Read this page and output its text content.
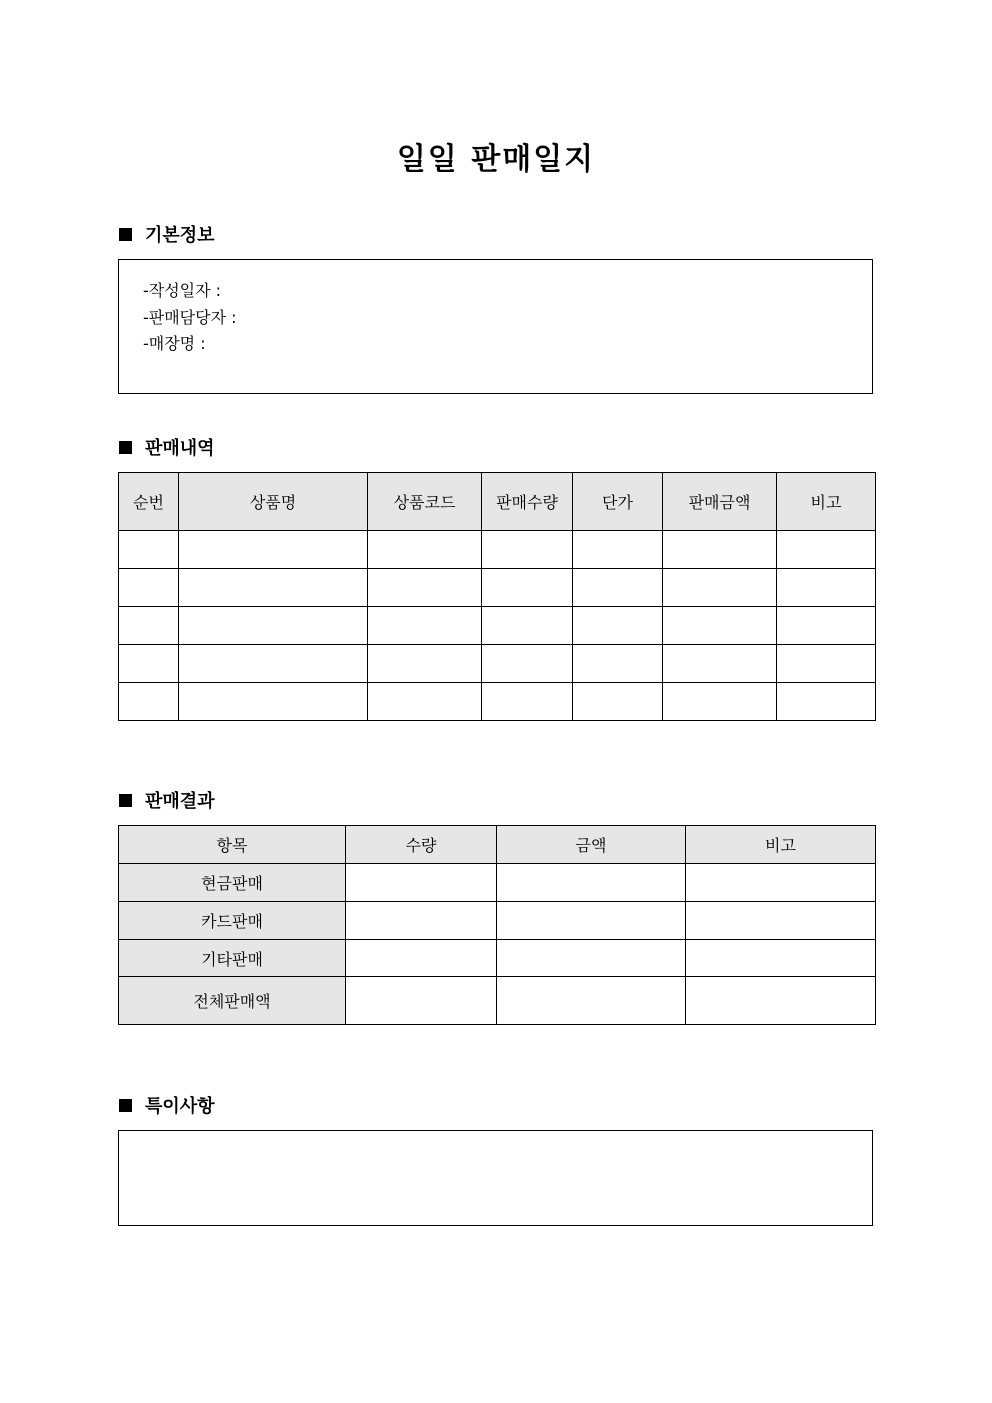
일일 판매일지
기본정보
-작성일자 :
-판매담당자 :
-매장명 :
판매내역
순번	상품명	상품코드	판매수량	단가	판매금액	비고

판매결과
항목	수량	금액	비고
현금판매			
카드판매			
기타판매			
전체판매액			
특이사항
